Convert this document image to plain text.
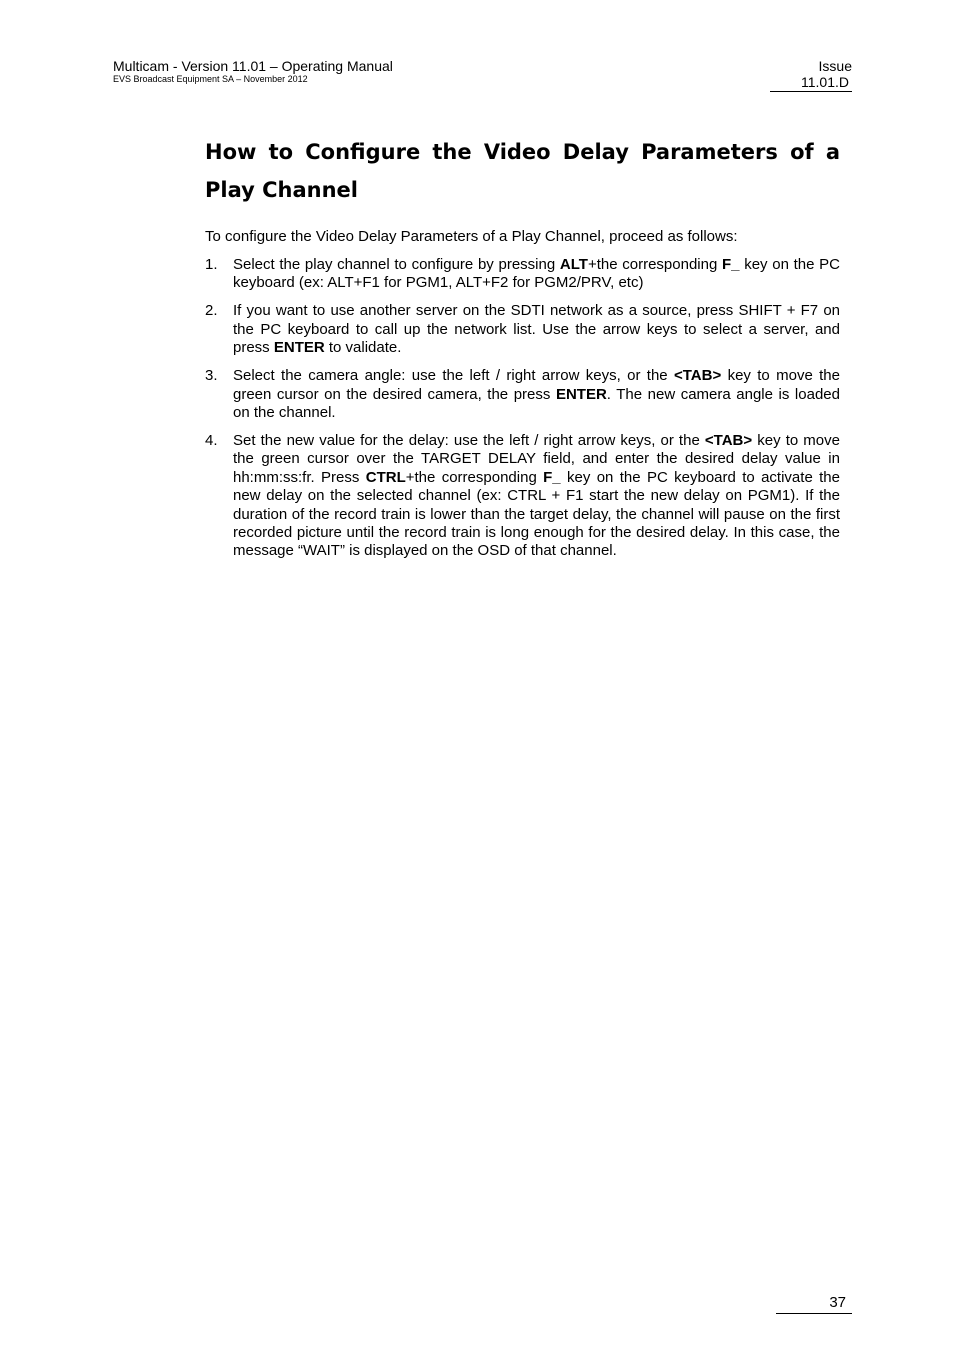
Multicam - Version 11.01 – Operating Manual
EVS Broadcast Equipment SA – November 2012
Issue
11.01.D
How to Configure the Video Delay Parameters of a Play Channel
To configure the Video Delay Parameters of a Play Channel, proceed as follows:
1. Select the play channel to configure by pressing ALT+the corresponding F_ key on the PC keyboard (ex: ALT+F1 for PGM1, ALT+F2 for PGM2/PRV, etc)
2. If you want to use another server on the SDTI network as a source, press SHIFT + F7 on the PC keyboard to call up the network list. Use the arrow keys to select a server, and press ENTER to validate.
3. Select the camera angle: use the left / right arrow keys, or the <TAB> key to move the green cursor on the desired camera, the press ENTER. The new camera angle is loaded on the channel.
4. Set the new value for the delay: use the left / right arrow keys, or the <TAB> key to move the green cursor over the TARGET DELAY field, and enter the desired delay value in hh:mm:ss:fr. Press CTRL+the corresponding F_ key on the PC keyboard to activate the new delay on the selected channel (ex: CTRL + F1 start the new delay on PGM1). If the duration of the record train is lower than the target delay, the channel will pause on the first recorded picture until the record train is long enough for the desired delay. In this case, the message “WAIT” is displayed on the OSD of that channel.
37
